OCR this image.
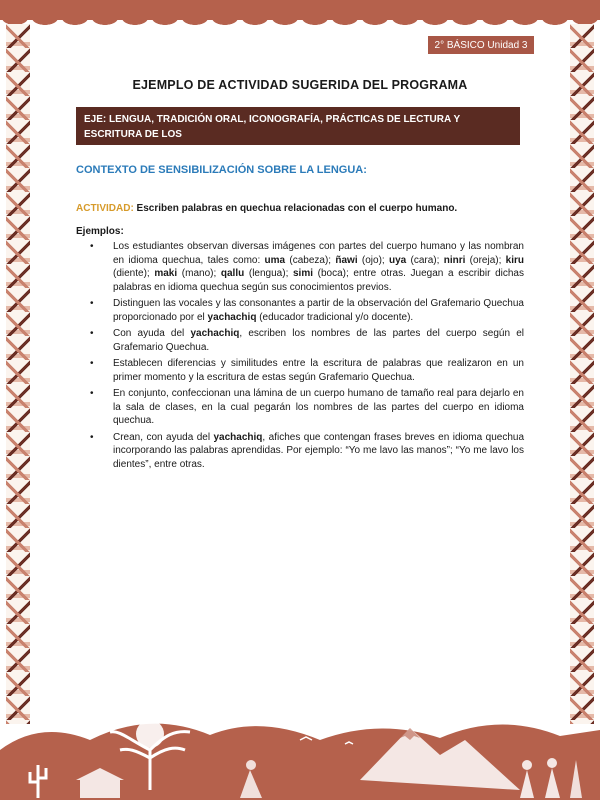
2° BÁSICO Unidad 3
EJEMPLO DE ACTIVIDAD SUGERIDA DEL PROGRAMA
EJE: LENGUA, TRADICIÓN ORAL, ICONOGRAFÍA, PRÁCTICAS DE LECTURA Y ESCRITURA DE LOS
PUEBLOS ORIGINARIOS.
CONTEXTO DE SENSIBILIZACIÓN SOBRE LA LENGUA:
ACTIVIDAD: Escriben palabras en quechua relacionadas con el cuerpo humano.
Ejemplos:
• Los estudiantes observan diversas imágenes con partes del cuerpo humano y las nombran en idioma quechua, tales como: uma (cabeza); ñawi (ojo); uya (cara); ninri (oreja); kiru (diente); maki (mano); qallu (lengua); simi (boca); entre otras. Juegan a escribir dichas palabras en idioma quechua según sus conocimientos previos.
• Distinguen las vocales y las consonantes a partir de la observación del Grafemario Quechua proporcionado por el yachachiq (educador tradicional y/o docente).
• Con ayuda del yachachiq, escriben los nombres de las partes del cuerpo según el Grafemario Quechua.
• Establecen diferencias y similitudes entre la escritura de palabras que realizaron en un primer momento y la escritura de estas según Grafemario Quechua.
• En conjunto, confeccionan una lámina de un cuerpo humano de tamaño real para dejarlo en la sala de clases, en la cual pegarán los nombres de las partes del cuerpo en idioma quechua.
• Crean, con ayuda del yachachiq, afiches que contengan frases breves en idioma quechua incorporando las palabras aprendidas. Por ejemplo: “Yo me lavo las manos”; “Yo me lavo los dientes”, entre otras.
